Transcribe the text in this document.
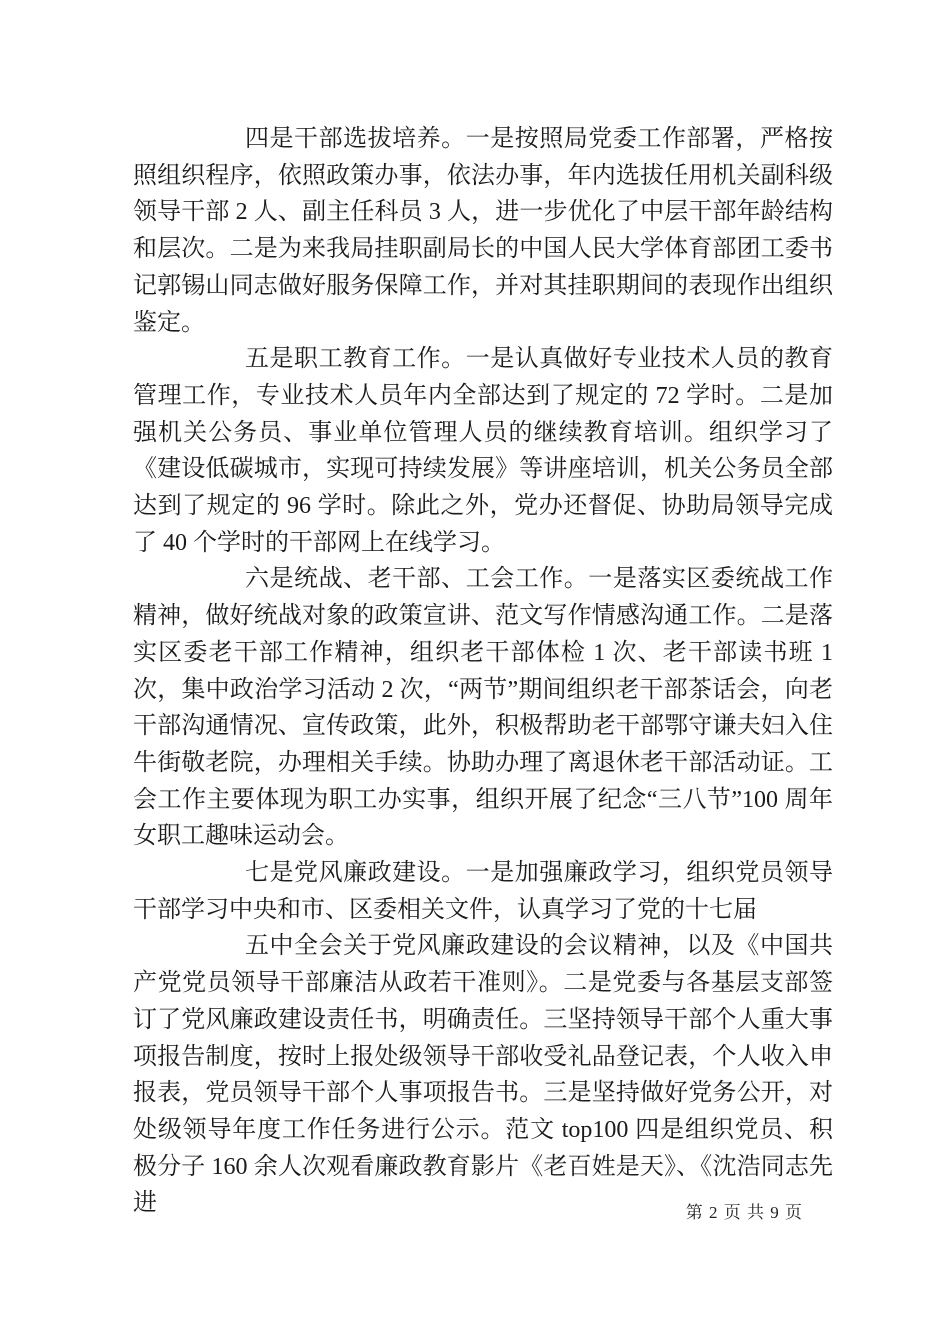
四是干部选拔培养。一是按照局党委工作部署，严格按照组织程序，依照政策办事，依法办事，年内选拔任用机关副科级领导干部 2 人、副主任科员 3 人，进一步优化了中层干部年龄结构和层次。二是为来我局挂职副局长的中国人民大学体育部团工委书记郭锡山同志做好服务保障工作，并对其挂职期间的表现作出组织鉴定。

五是职工教育工作。一是认真做好专业技术人员的教育管理工作，专业技术人员年内全部达到了规定的 72 学时。二是加强机关公务员、事业单位管理人员的继续教育培训。组织学习了《建设低碳城市，实现可持续发展》等讲座培训，机关公务员全部达到了规定的 96 学时。除此之外，党办还督促、协助局领导完成了 40 个学时的干部网上在线学习。

六是统战、老干部、工会工作。一是落实区委统战工作精神，做好统战对象的政策宣讲、范文写作情感沟通工作。二是落实区委老干部工作精神，组织老干部体检 1 次、老干部读书班 1 次，集中政治学习活动 2 次，“两节”期间组织老干部茶话会，向老干部沟通情况、宣传政策，此外，积极帮助老干部鄂守谦夫妇入住牛街敬老院，办理相关手续。协助办理了离退休老干部活动证。工会工作主要体现为职工办实事，组织开展了纪念“三八节”100 周年女职工趣味运动会。

七是党风廉政建设。一是加强廉政学习，组织党员领导干部学习中央和市、区委相关文件，认真学习了党的十七届

五中全会关于党风廉政建设的会议精神，以及《中国共产党党员领导干部廉洁从政若干准则》。二是党委与各基层支部签订了党风廉政建设责任书，明确责任。三坚持领导干部个人重大事项报告制度，按时上报处级领导干部收受礼品登记表，个人收入申报表，党员领导干部个人事项报告书。三是坚持做好党务公开，对处级领导年度工作任务进行公示。范文 top100 四是组织党员、积极分子 160 余人次观看廉政教育影片《老百姓是天》、《沈浩同志先进	第 2 页 共 9 页
